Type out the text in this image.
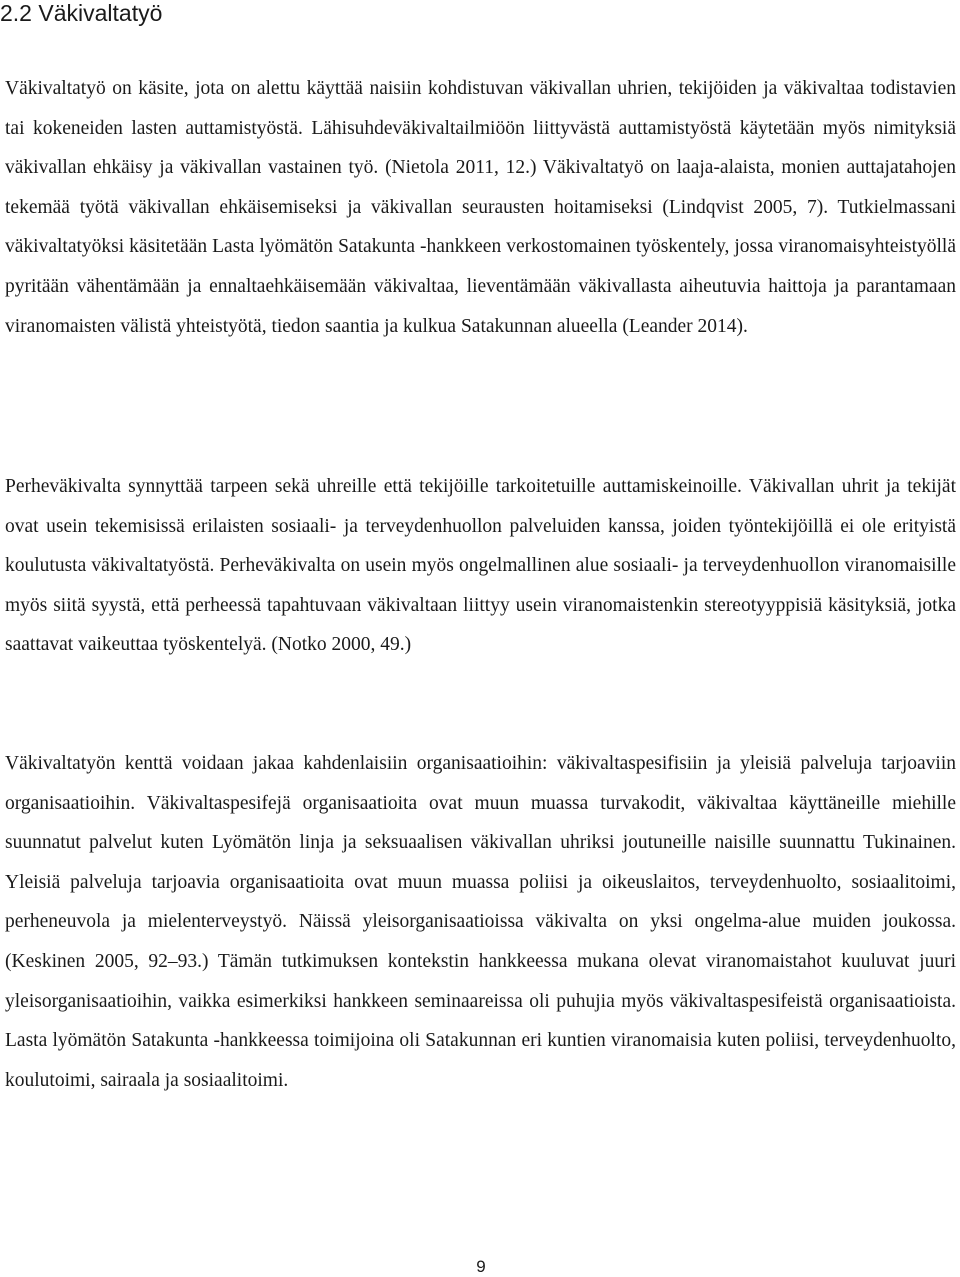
2.2 Väkivaltatyö

Väkivaltatyö on käsite, jota on alettu käyttää naisiin kohdistuvan väkivallan uhrien, tekijöiden ja väkivaltaa todistavien tai kokeneiden lasten auttamistyöstä. Lähisuhdeväkivaltailmiöön liittyvästä auttamistyöstä käytetään myös nimityksiä väkivallan ehkäisy ja väkivallan vastainen työ. (Nietola 2011, 12.) Väkivaltatyö on laaja-alaista, monien auttajatahojen tekemää työtä väkivallan ehkäisemiseksi ja väkivallan seurausten hoitamiseksi (Lindqvist 2005, 7). Tutkielmassani väkivaltatyöksi käsitetään Lasta lyömätön Satakunta -hankkeen verkostomainen työskentely, jossa viranomaisyhteistyöllä pyritään vähentämään ja ennaltaehkäisemään väkivaltaa, lieventämään väkivallasta aiheutuvia haittoja ja parantamaan viranomaisten välistä yhteistyötä, tiedon saantia ja kulkua Satakunnan alueella (Leander 2014).

Perheväkivalta synnyttää tarpeen sekä uhreille että tekijöille tarkoitetuille auttamiskeinoille. Väkivallan uhrit ja tekijät ovat usein tekemisissä erilaisten sosiaali- ja terveydenhuollon palveluiden kanssa, joiden työntekijöillä ei ole erityistä koulutusta väkivaltatyöstä. Perheväkivalta on usein myös ongelmallinen alue sosiaali- ja terveydenhuollon viranomaisille myös siitä syystä, että perheessä tapahtuvaan väkivaltaan liittyy usein viranomaistenkin stereotyyppisiä käsityksiä, jotka saattavat vaikeuttaa työskentelyä. (Notko 2000, 49.)

Väkivaltatyön kenttä voidaan jakaa kahdenlaisiin organisaatioihin: väkivaltaspesifisiin ja yleisiä palveluja tarjoaviin organisaatioihin. Väkivaltaspesifejä organisaatioita ovat muun muassa turvakodit, väkivaltaa käyttäneille miehille suunnatut palvelut kuten Lyömätön linja ja seksuaalisen väkivallan uhriksi joutuneille naisille suunnattu Tukinainen. Yleisiä palveluja tarjoavia organisaatioita ovat muun muassa poliisi ja oikeuslaitos, terveydenhuolto, sosiaalitoimi, perheneuvola ja mielenterveystyö. Näissä yleisorganisaatioissa väkivalta on yksi ongelma-alue muiden joukossa. (Keskinen 2005, 92–93.) Tämän tutkimuksen kontekstin hankkeessa mukana olevat viranomaistahot kuuluvat juuri yleisorganisaatioihin, vaikka esimerkiksi hankkeen seminaareissa oli puhujia myös väkivaltaspesifeistä organisaatioista. Lasta lyömätön Satakunta -hankkeessa toimijoina oli Satakunnan eri kuntien viranomaisia kuten poliisi, terveydenhuolto, koulutoimi, sairaala ja sosiaalitoimi.

9
